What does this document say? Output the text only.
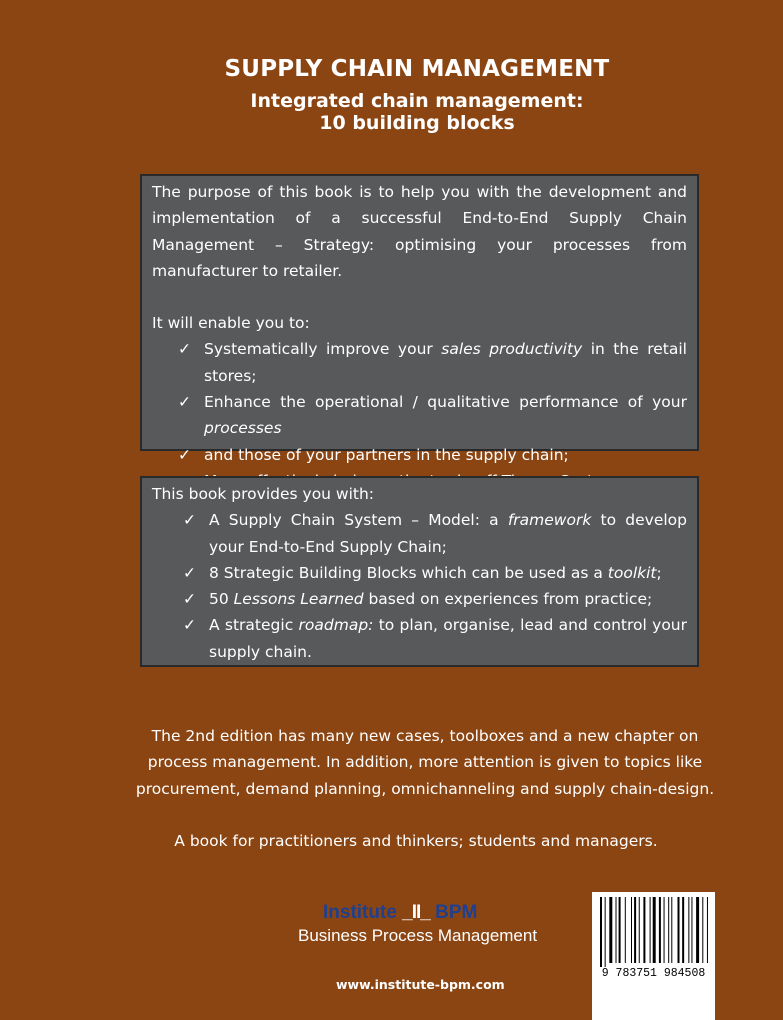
SUPPLY CHAIN MANAGEMENT
Integrated chain management:
10 building blocks

The purpose of this book is to help you with the development and implementation of a successful End-to-End Supply Chain Management – Strategy: optimising your processes from manufacturer to retailer.

It will enable you to:
✓ Systematically improve your sales productivity in the retail stores;
✓ Enhance the operational / qualitative performance of your processes
✓ and those of your partners in the supply chain;
This book provides you with:
✓ A Supply Chain System – Model: a framework to develop your End-to-End Supply Chain;
✓ 8 Strategic Building Blocks which can be used as a toolkit;
✓ 50 Lessons Learned based on experiences from practice;
✓ A strategic roadmap: to plan, organise, lead and control your supply chain.
The 2nd edition has many new cases, toolboxes and a new chapter on
process management. In addition, more attention is given to topics like
procurement, demand planning, omnichanneling and supply chain-design.
A book for practitioners and thinkers; students and managers.
Institute _II_ BPM
Business Process Management
www.institute-bpm.com
9 783751 984508
